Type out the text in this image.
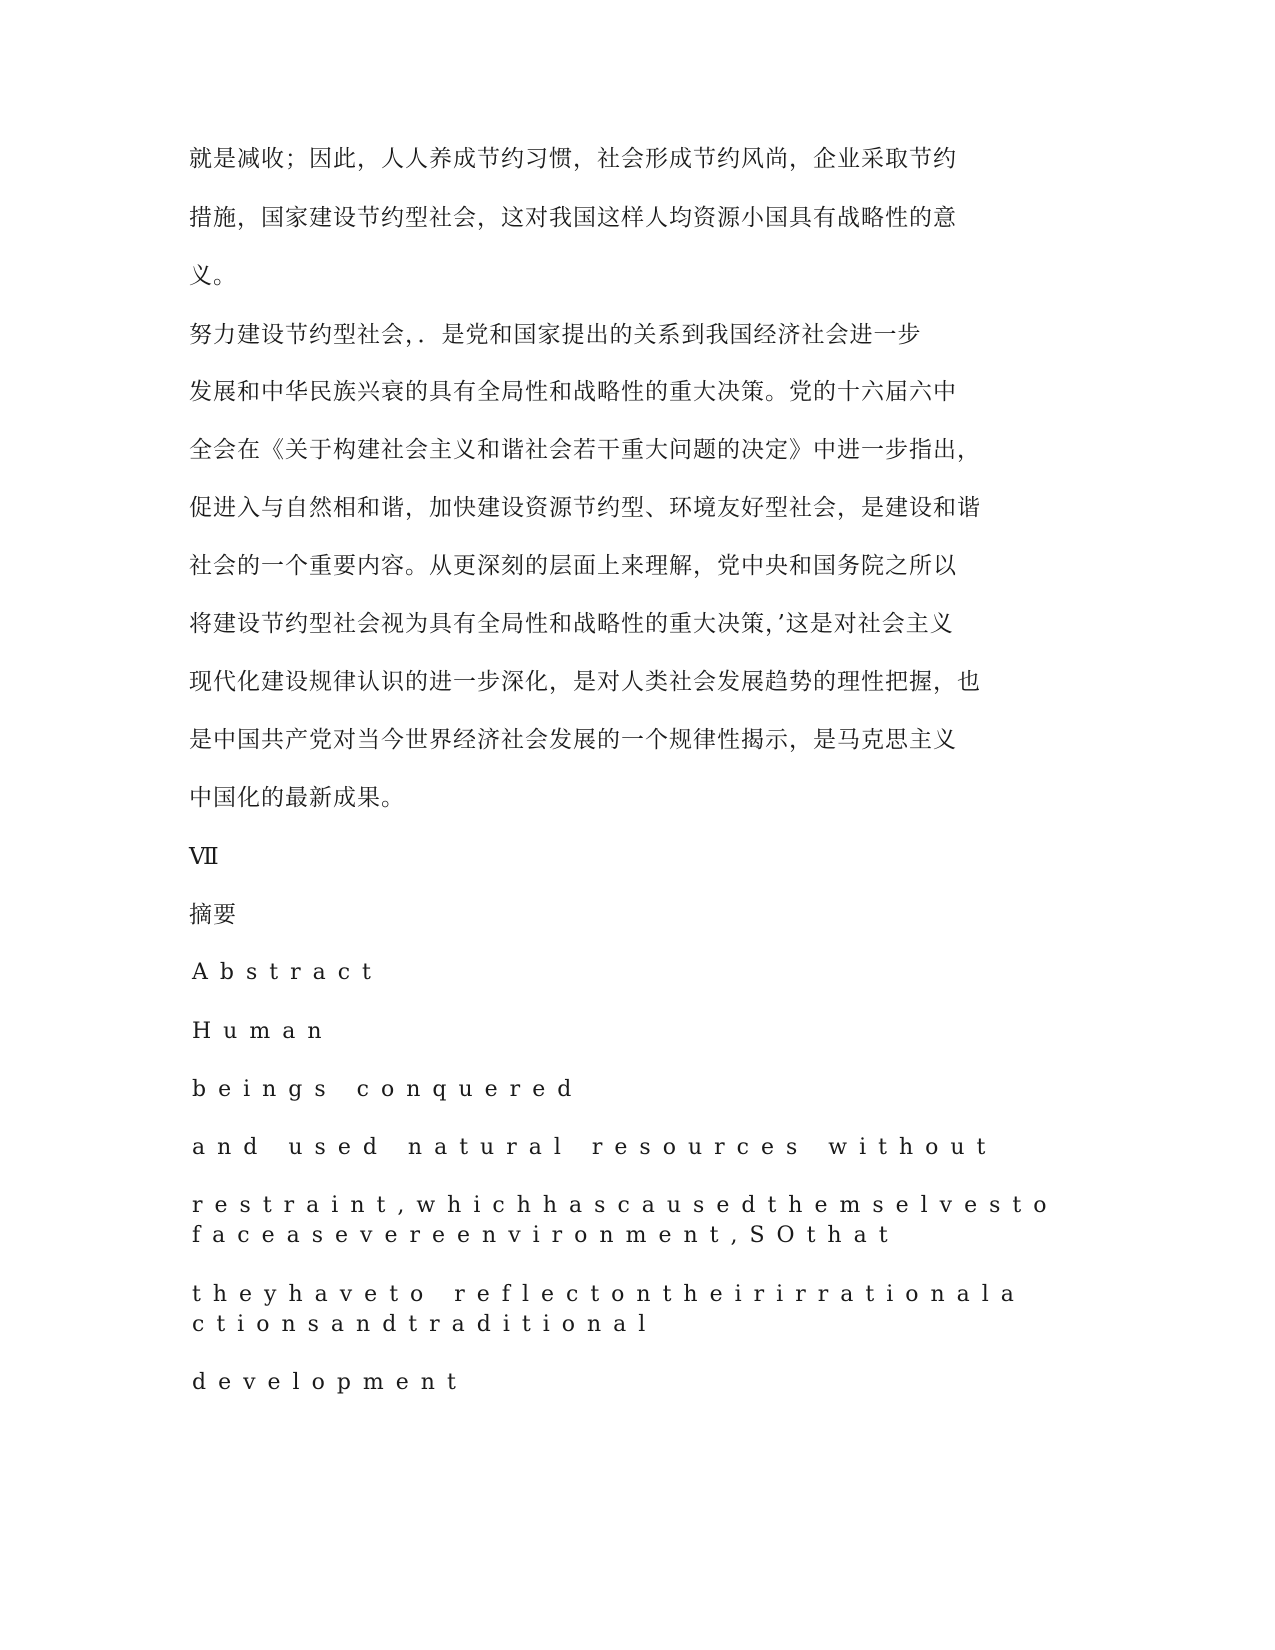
就是减收；因此，人人养成节约习惯，社会形成节约风尚，企业采取节约

措施，国家建设节约型社会，这对我国这样人均资源小国具有战略性的意

义。

努力建设节约型社会，．是党和国家提出的关系到我国经济社会进一步

发展和中华民族兴衰的具有全局性和战略性的重大决策。党的十六届六中

全会在《关于构建社会主义和谐社会若干重大问题的决定》中进一步指出，

促进入与自然相和谐，加快建设资源节约型、环境友好型社会，是建设和谐

社会的一个重要内容。从更深刻的层面上来理解，党中央和国务院之所以

将建设节约型社会视为具有全局性和战略性的重大决策，’这是对社会主义

现代化建设规律认识的进一步深化，是对人类社会发展趋势的理性把握，也

是中国共产党对当今世界经济社会发展的一个规律性揭示，是马克思主义

中国化的最新成果。

Ⅶ

摘要

Abstract

Human

beings conquered

and used natural resources without

restraint,whichhascausedthemselvesto

faceasevereenvironment,SOthat

theyhaveto reflectontheirirrationala

ctionsandtraditional

development
